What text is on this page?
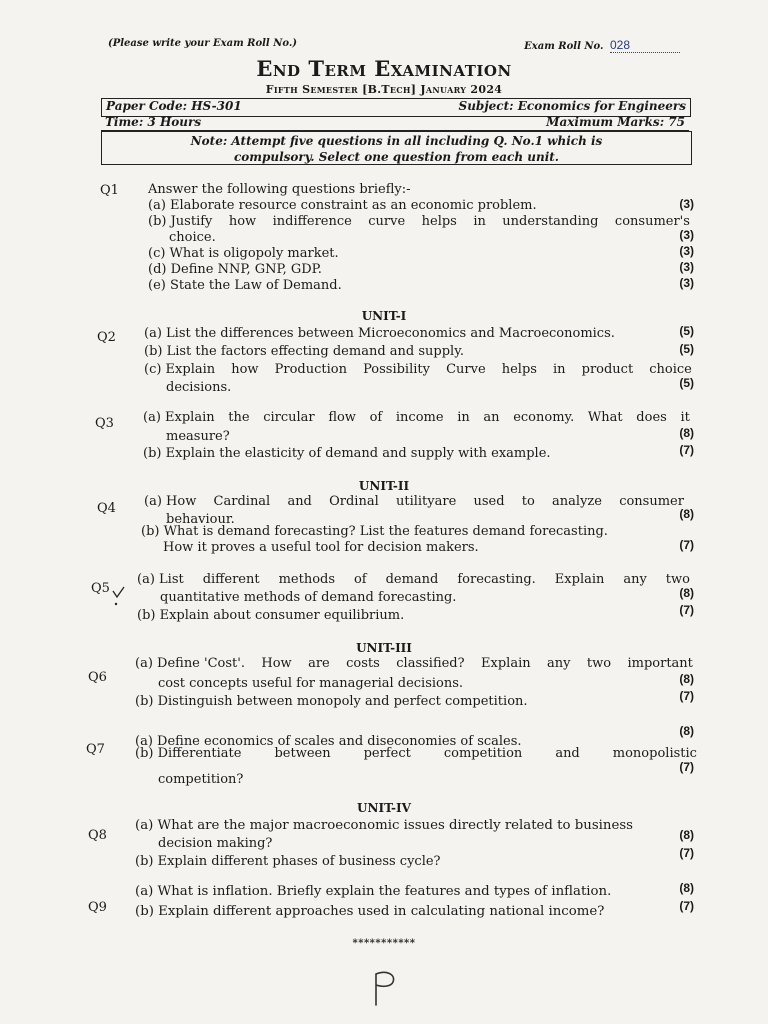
(Please write your Exam Roll No.)	Exam Roll No. 028
End Term Examination
Fifth Semester [B.Tech] January 2024
Paper Code: HS-301	Subject: Economics for Engineers
Time: 3 Hours	Maximum Marks: 75
Note: Attempt five questions in all including Q. No.1 which is
compulsory. Select one question from each unit.
Q1 Answer the following questions briefly:-
(a) Elaborate resource constraint as an economic problem.	(3)
(b) Justify how indifference curve helps in understanding consumer's
choice.	(3)
(c) What is oligopoly market.	(3)
(d) Define NNP, GNP, GDP.	(3)
(e) State the Law of Demand.	(3)
UNIT-I
Q2 (a) List the differences between Microeconomics and Macroeconomics.	(5)
(b) List the factors effecting demand and supply.	(5)
(c) Explain how Production Possibility Curve helps in product choice
decisions.	(5)
Q3 (a) Explain the circular flow of income in an economy. What does it
measure?	(8)
(b) Explain the elasticity of demand and supply with example.	(7)
UNIT-II
Q4 (a) How Cardinal and Ordinal utilityare used to analyze consumer
behaviour.	(8)
(b) What is demand forecasting? List the features demand forecasting.
How it proves a useful tool for decision makers.	(7)
Q5
(a) List different methods of demand forecasting. Explain any two
quantitative methods of demand forecasting.	(8)
(b) Explain about consumer equilibrium.	(7)
UNIT-III
Q6
(a) Define 'Cost'. How are costs classified? Explain any two important
cost concepts useful for managerial decisions.	(8)
(b) Distinguish between monopoly and perfect competition.	(7)
Q7
(a) Define economics of scales and diseconomies of scales.
(8)
(b) Differentiate	between	perfect	competition	and	monopolistic
competition?
(7)
UNIT-IV
Q8
(a) What are the major macroeconomic issues directly related to business
decision making?
(8)
(b) Explain different phases of business cycle?
(7)
Q9
(a) What is inflation. Briefly explain the features and types of inflation.	(8)
(b) Explain different approaches used in calculating national income?	(7)
***********
